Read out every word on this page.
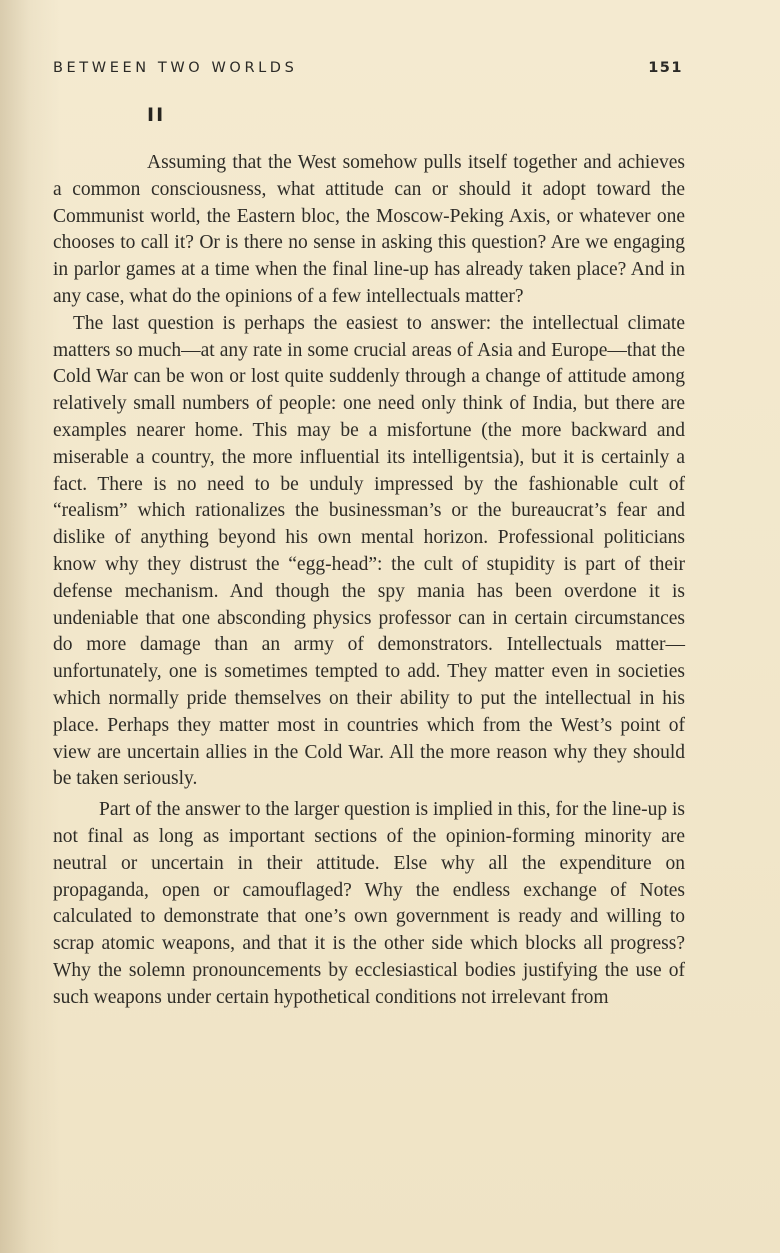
BETWEEN TWO WORLDS	151
II

Assuming that the West somehow pulls itself together and achieves a common consciousness, what attitude can or should it adopt toward the Communist world, the Eastern bloc, the Moscow-Peking Axis, or whatever one chooses to call it? Or is there no sense in asking this question? Are we engaging in parlor games at a time when the final line-up has already taken place? And in any case, what do the opinions of a few intellectuals matter?

The last question is perhaps the easiest to answer: the intellectual climate matters so much—at any rate in some crucial areas of Asia and Europe—that the Cold War can be won or lost quite suddenly through a change of attitude among relatively small numbers of people: one need only think of India, but there are examples nearer home. This may be a misfortune (the more backward and miserable a country, the more influential its intelligentsia), but it is certainly a fact. There is no need to be unduly impressed by the fashionable cult of “realism” which rationalizes the businessman’s or the bureaucrat’s fear and dislike of anything beyond his own mental horizon. Professional politicians know why they distrust the “egg-head”: the cult of stupidity is part of their defense mechanism. And though the spy mania has been overdone it is undeniable that one absconding physics professor can in certain circumstances do more damage than an army of demonstrators. Intellectuals matter—unfortunately, one is sometimes tempted to add. They matter even in societies which normally pride themselves on their ability to put the intellectual in his place. Perhaps they matter most in countries which from the West’s point of view are uncertain allies in the Cold War. All the more reason why they should be taken seriously.

Part of the answer to the larger question is implied in this, for the line-up is not final as long as important sections of the opinion-forming minority are neutral or uncertain in their attitude. Else why all the expenditure on propaganda, open or camouflaged? Why the endless exchange of Notes calculated to demonstrate that one’s own government is ready and willing to scrap atomic weapons, and that it is the other side which blocks all progress? Why the solemn pronouncements by ecclesiastical bodies justifying the use of such weapons under certain hypothetical conditions not irrelevant from
